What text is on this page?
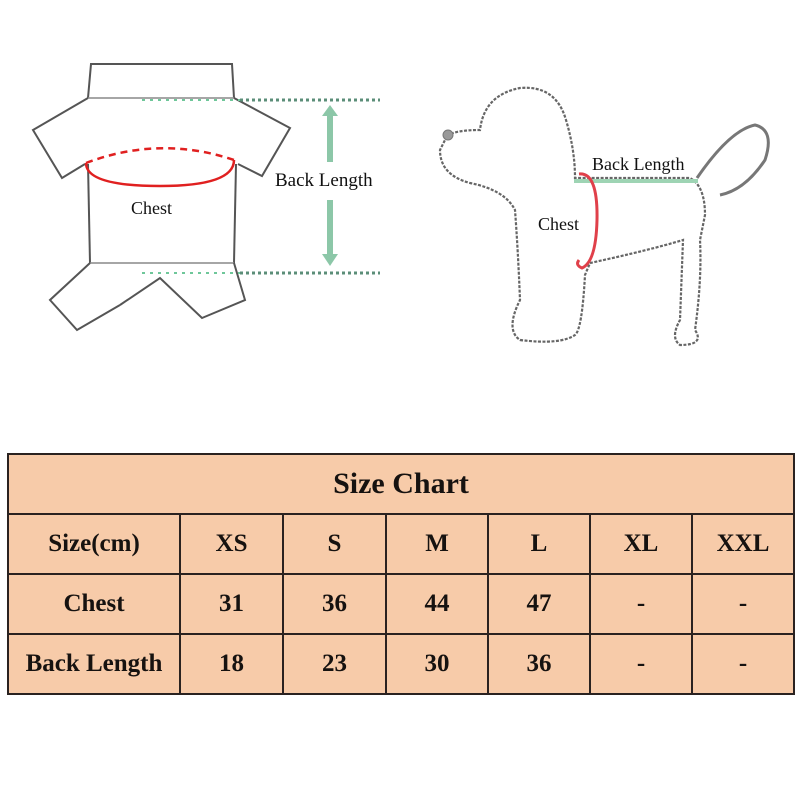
Chest
Back Length
Back Length
Chest
Size Chart						
Size(cm)	XS	S	M	L	XL	XXL
Chest	31	36	44	47	-	-
Back Length	18	23	30	36	-	-
